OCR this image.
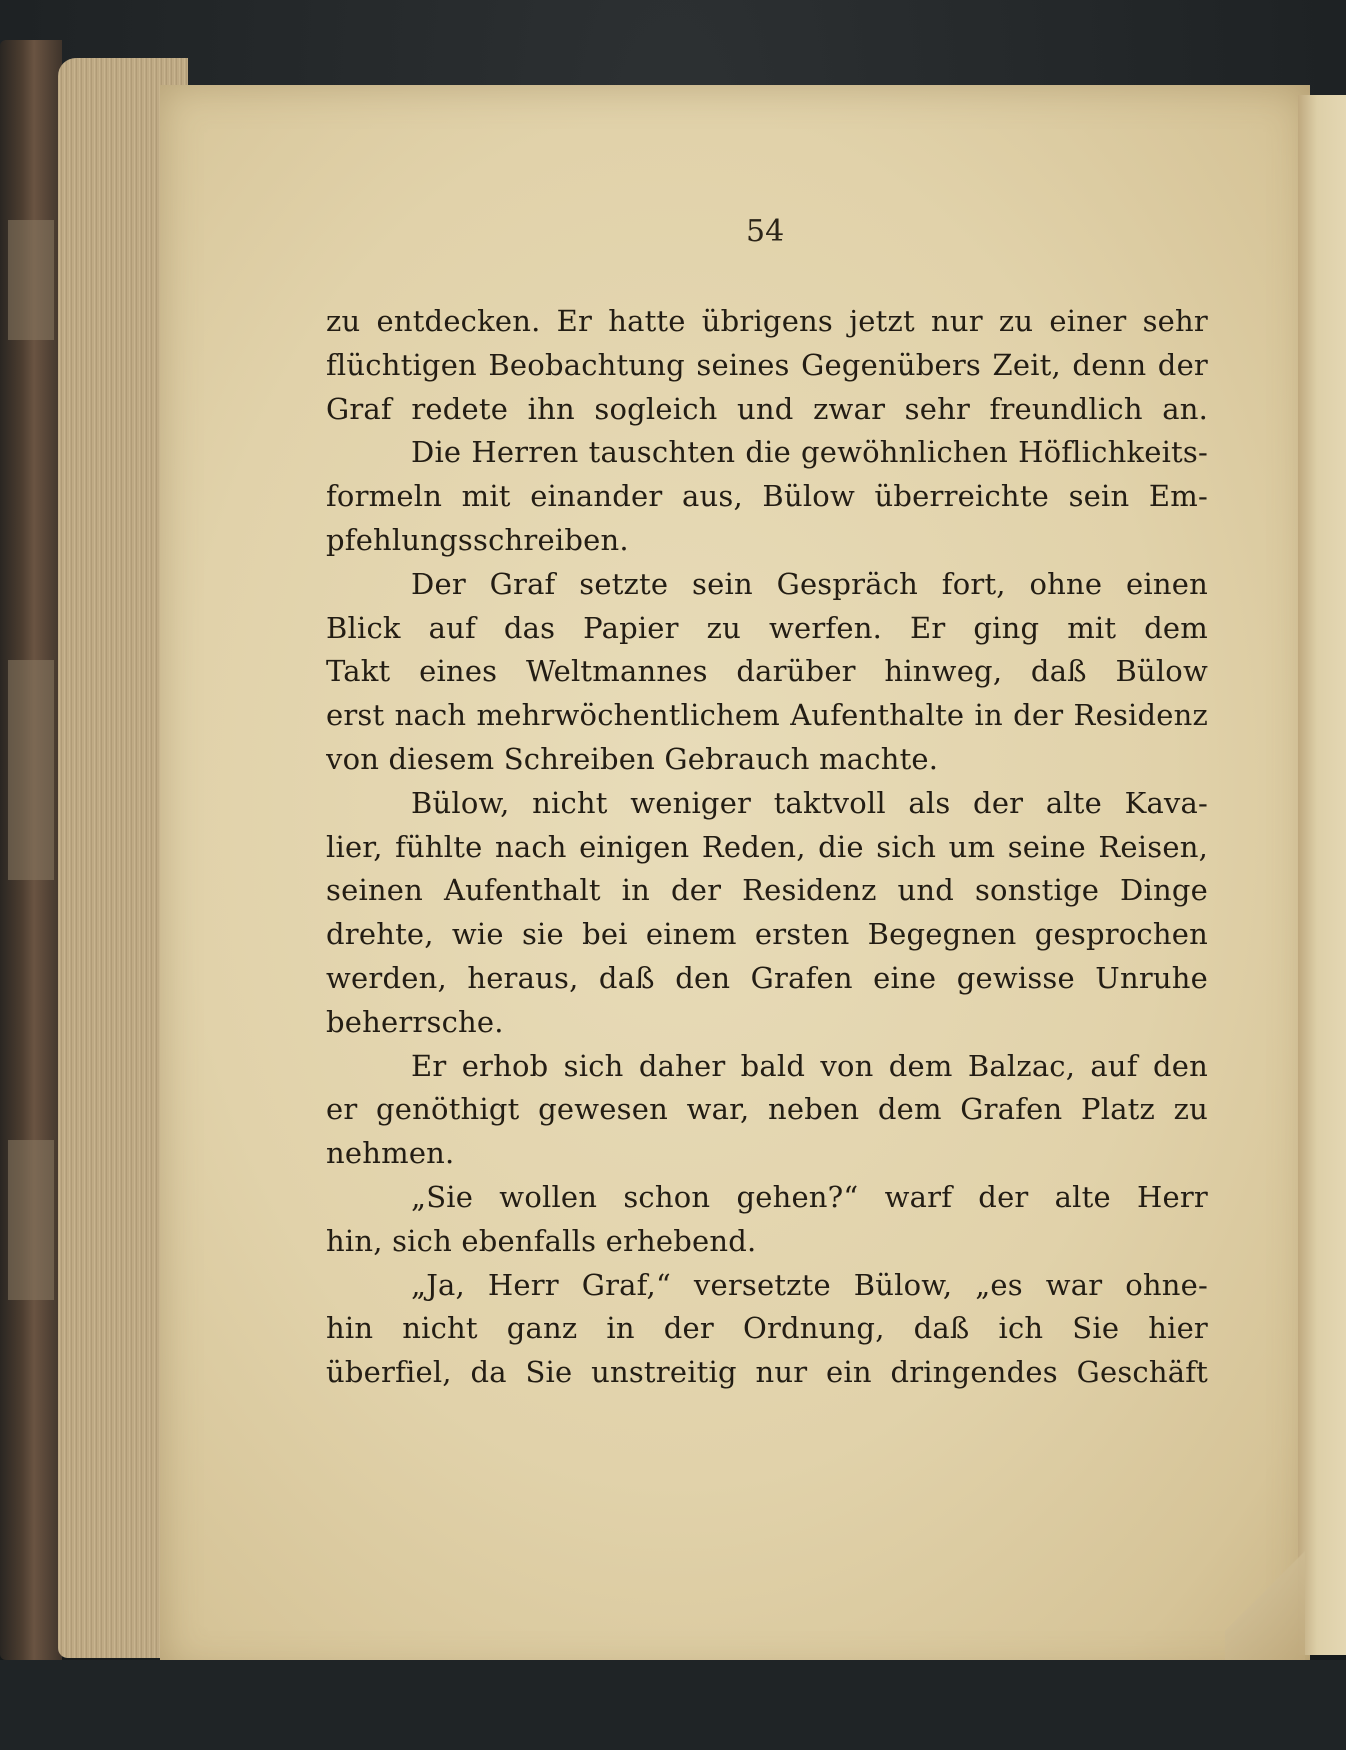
54
zu entdecken. Er hatte übrigens jetzt nur zu einer sehr
flüchtigen Beobachtung seines Gegenübers Zeit, denn der
Graf redete ihn sogleich und zwar sehr freundlich an.
Die Herren tauschten die gewöhnlichen Höflichkeits-
formeln mit einander aus, Bülow überreichte sein Em-
pfehlungsschreiben.
Der Graf setzte sein Gespräch fort, ohne einen
Blick auf das Papier zu werfen. Er ging mit dem
Takt eines Weltmannes darüber hinweg, daß Bülow
erst nach mehrwöchentlichem Aufenthalte in der Residenz
von diesem Schreiben Gebrauch machte.
Bülow, nicht weniger taktvoll als der alte Kava-
lier, fühlte nach einigen Reden, die sich um seine Reisen,
seinen Aufenthalt in der Residenz und sonstige Dinge
drehte, wie sie bei einem ersten Begegnen gesprochen
werden, heraus, daß den Grafen eine gewisse Unruhe
beherrsche.
Er erhob sich daher bald von dem Balzac, auf den
er genöthigt gewesen war, neben dem Grafen Platz zu
nehmen.
„Sie wollen schon gehen?“ warf der alte Herr
hin, sich ebenfalls erhebend.
„Ja, Herr Graf,“ versetzte Bülow, „es war ohne-
hin nicht ganz in der Ordnung, daß ich Sie hier
überfiel, da Sie unstreitig nur ein dringendes Geschäft
